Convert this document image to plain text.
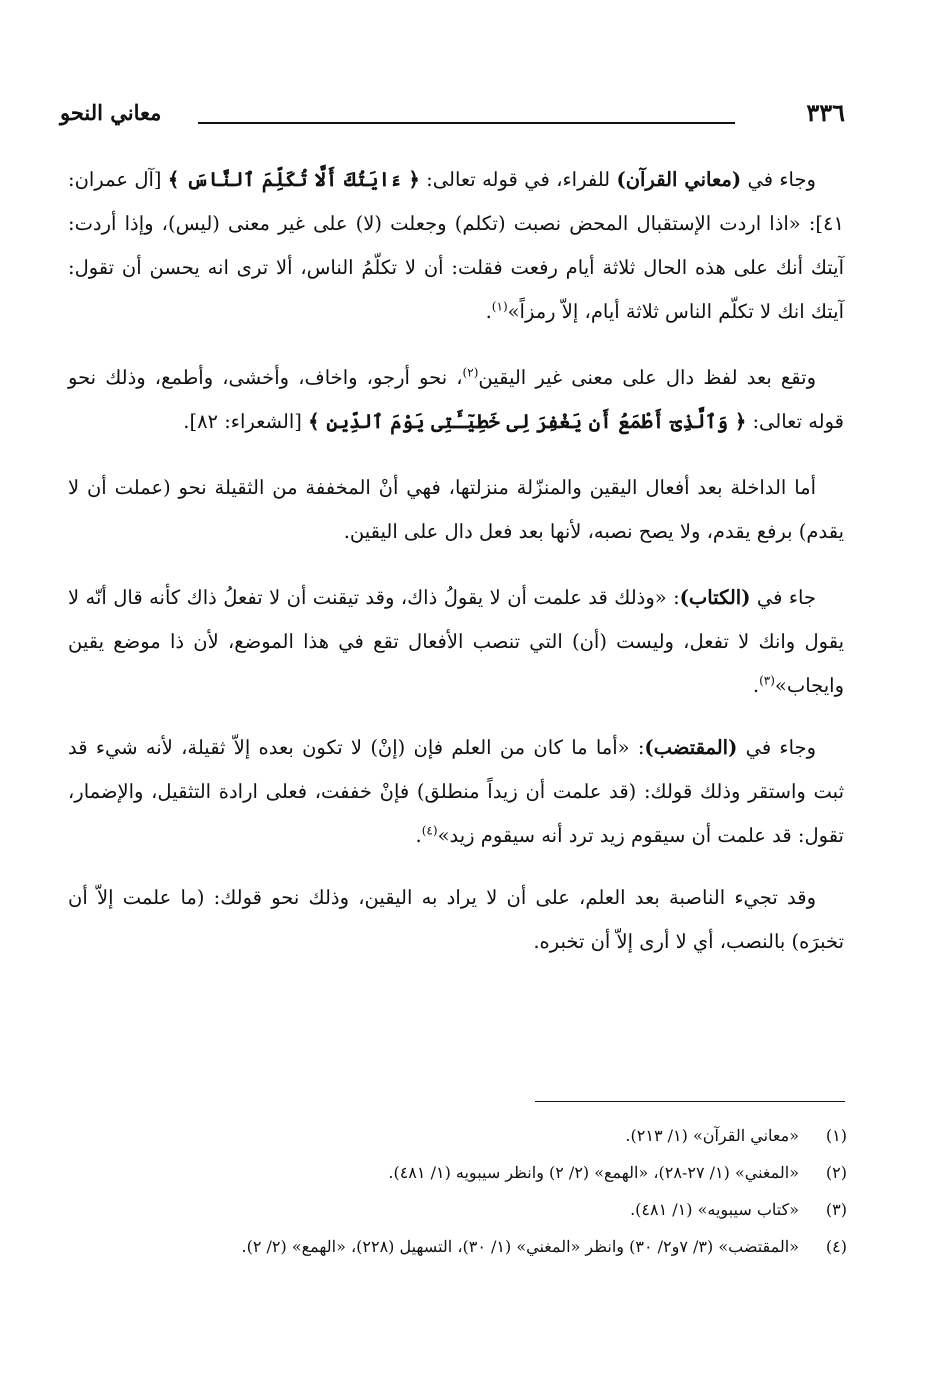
٣٣٦
معاني النحو

وجاء في (معاني القرآن) للفراء، في قوله تعالى: ﴿ ءَايَتُكَ أَلَّا تُكَلِّمَ ٱلنَّاسَ ﴾ [آل عمران: ٤١]: «اذا اردت الإستقبال المحض نصبت (تكلم) وجعلت (لا) على غير معنى (ليس)، وإذا أردت: آيتك أنك على هذه الحال ثلاثة أيام رفعت فقلت: أن لا تكلّمُ الناس، ألا ترى انه يحسن أن تقول: آيتك انك لا تكلّم الناس ثلاثة أيام، إلاّ رمزاً»$^{(١)}$.

وتقع بعد لفظ دال على معنى غير اليقين$^{(٢)}$، نحو أرجو، واخاف، وأخشى، وأطمع، وذلك نحو قوله تعالى: ﴿ وَٱلَّذِىٓ أَطْمَعُ أَن يَغْفِرَ لِى خَطِيٓـَٔتِى يَوْمَ ٱلدِّينِ ﴾ [الشعراء: ٨٢].

أما الداخلة بعد أفعال اليقين والمنزّلة منزلتها، فهي أنْ المخففة من الثقيلة نحو (عملت أن لا يقدم) برفع يقدم، ولا يصح نصبه، لأنها بعد فعل دال على اليقين.

جاء في (الكتاب): «وذلك قد علمت أن لا يقولُ ذاك، وقد تيقنت أن لا تفعلُ ذاك كأنه قال أنّه لا يقول وانك لا تفعل، وليست (أن) التي تنصب الأفعال تقع في هذا الموضع، لأن ذا موضع يقين وايجاب»$^{(٣)}$.

وجاء في (المقتضب): «أما ما كان من العلم فإن (إنْ) لا تكون بعده إلاّ ثقيلة، لأنه شيء قد ثبت واستقر وذلك قولك: (قد علمت أن زيداً منطلق) فإنْ خففت، فعلى ارادة التثقيل، والإضمار، تقول: قد علمت أن سيقوم زيد ترد أنه سيقوم زيد»$^{(٤)}$.

وقد تجيء الناصبة بعد العلم، على أن لا يراد به اليقين، وذلك نحو قولك: (ما علمت إلاّ أن تخبرَه) بالنصب، أي لا أرى إلاّ أن تخبره.

(١)
«معاني القرآن» (١/ ٢١٣).
(٢)
«المغني» (١/ ٢٧-٢٨)، «الهمع» (٢/ ٢) وانظر سيبويه (١/ ٤٨١).
(٣)
«كتاب سيبويه» (١/ ٤٨١).
(٤)
«المقتضب» (٣/ ٧و٢/ ٣٠) وانظر «المغني» (١/ ٣٠)، التسهيل (٢٢٨)، «الهمع» (٢/ ٢).
